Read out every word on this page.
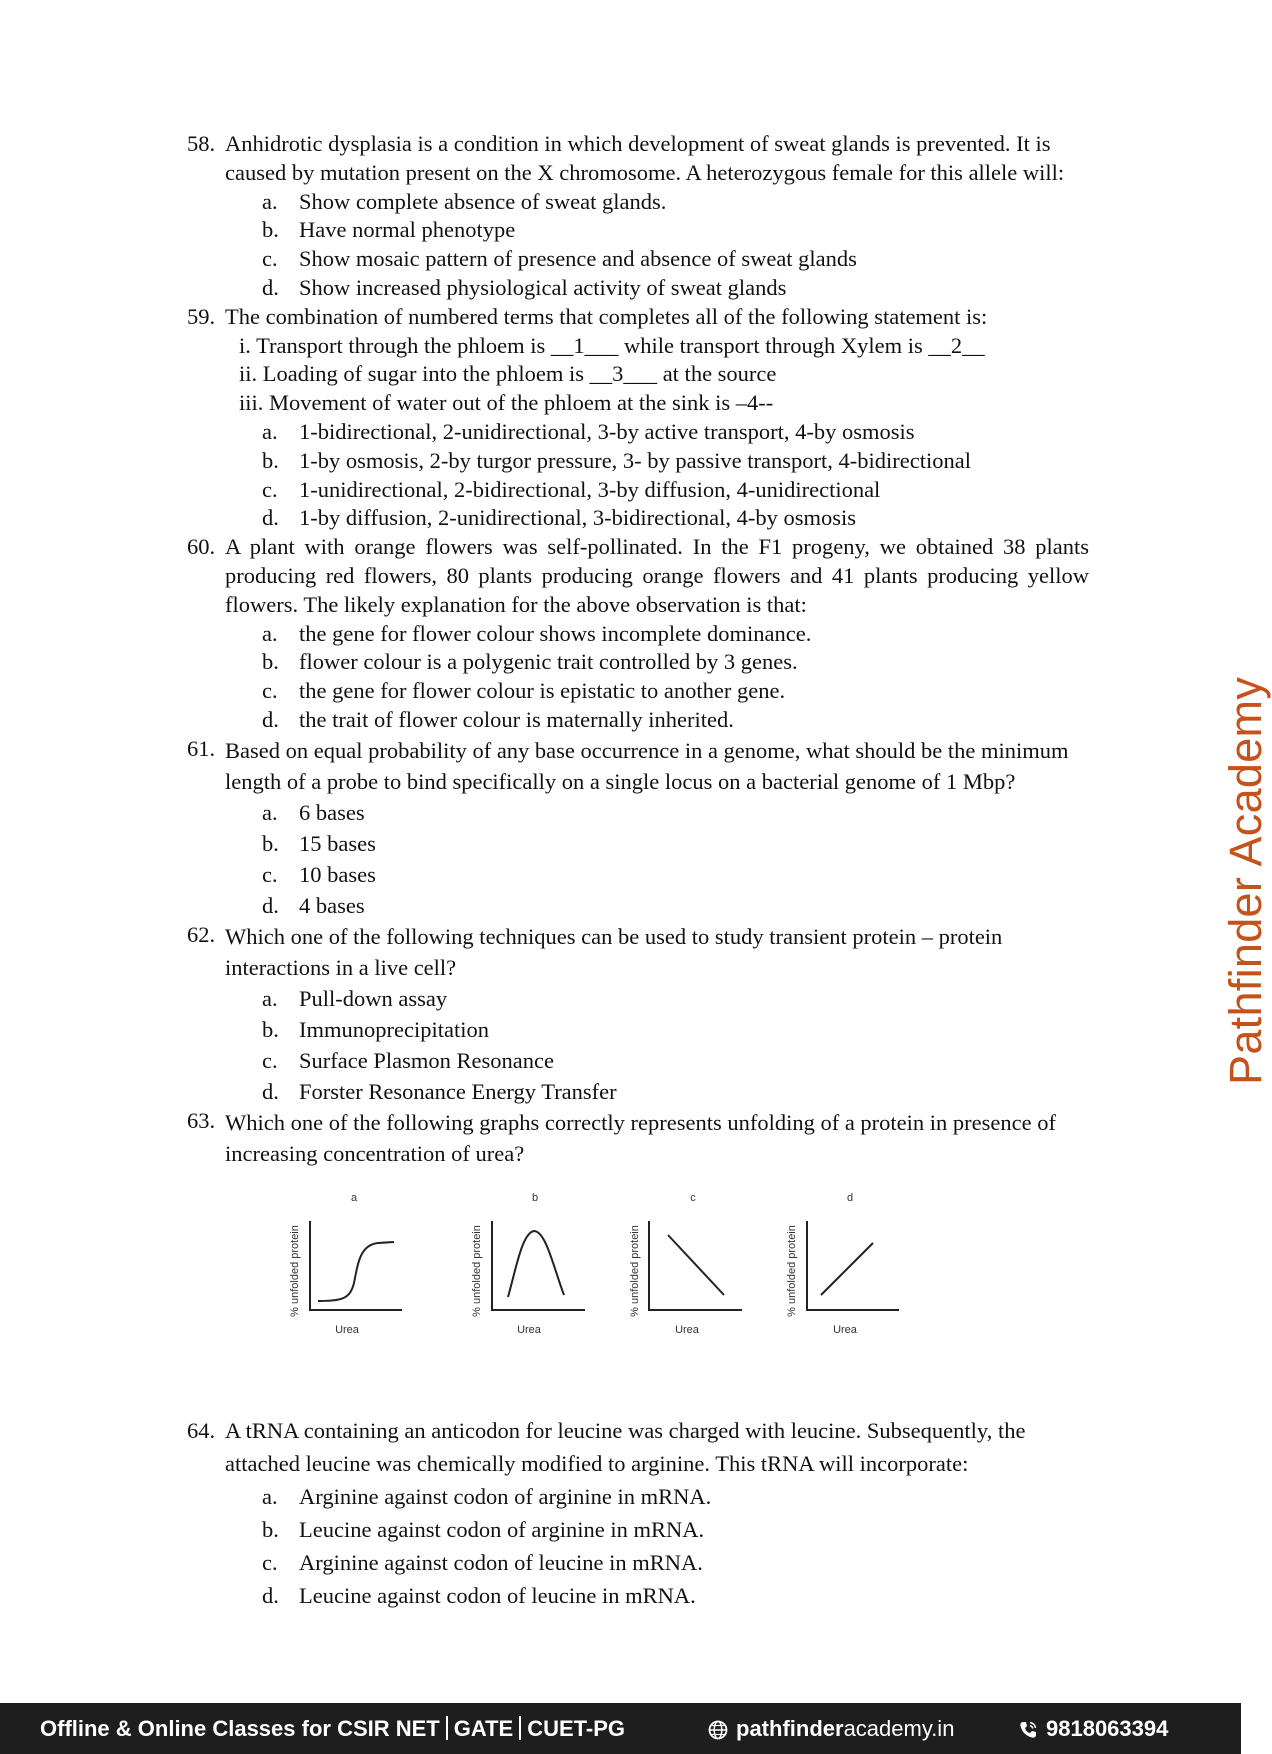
58. Anhidrotic dysplasia is a condition in which development of sweat glands is prevented. It is caused by mutation present on the X chromosome. A heterozygous female for this allele will:
a. Show complete absence of sweat glands.
b. Have normal phenotype
c. Show mosaic pattern of presence and absence of sweat glands
d. Show increased physiological activity of sweat glands
59. The combination of numbered terms that completes all of the following statement is:
i. Transport through the phloem is __1___ while transport through Xylem is __2__
ii. Loading of sugar into the phloem is __3___ at the source
iii. Movement of water out of the phloem at the sink is –4--
a. 1-bidirectional, 2-unidirectional, 3-by active transport, 4-by osmosis
b. 1-by osmosis, 2-by turgor pressure, 3- by passive transport, 4-bidirectional
c. 1-unidirectional, 2-bidirectional, 3-by diffusion, 4-unidirectional
d. 1-by diffusion, 2-unidirectional, 3-bidirectional, 4-by osmosis
60. A plant with orange flowers was self-pollinated. In the F1 progeny, we obtained 38 plants producing red flowers, 80 plants producing orange flowers and 41 plants producing yellow flowers. The likely explanation for the above observation is that:
a. the gene for flower colour shows incomplete dominance.
b. flower colour is a polygenic trait controlled by 3 genes.
c. the gene for flower colour is epistatic to another gene.
d. the trait of flower colour is maternally inherited.
61. Based on equal probability of any base occurrence in a genome, what should be the minimum length of a probe to bind specifically on a single locus on a bacterial genome of 1 Mbp?
a. 6 bases
b. 15 bases
c. 10 bases
d. 4 bases
62. Which one of the following techniques can be used to study transient protein – protein interactions in a live cell?
a. Pull-down assay
b. Immunoprecipitation
c. Surface Plasmon Resonance
d. Forster Resonance Energy Transfer
63. Which one of the following graphs correctly represents unfolding of a protein in presence of increasing concentration of urea?
a
% unfolded protein
Urea
b
% unfolded protein
Urea
c
% unfolded protein
Urea
d
% unfolded protein
Urea
64. A tRNA containing an anticodon for leucine was charged with leucine. Subsequently, the attached leucine was chemically modified to arginine. This tRNA will incorporate:
a. Arginine against codon of arginine in mRNA.
b. Leucine against codon of arginine in mRNA.
c. Arginine against codon of leucine in mRNA.
d. Leucine against codon of leucine in mRNA.
Pathfinder Academy
Offline & Online Classes for CSIR NET GATE CUET-PG	pathfinderacademy.in	9818063394
